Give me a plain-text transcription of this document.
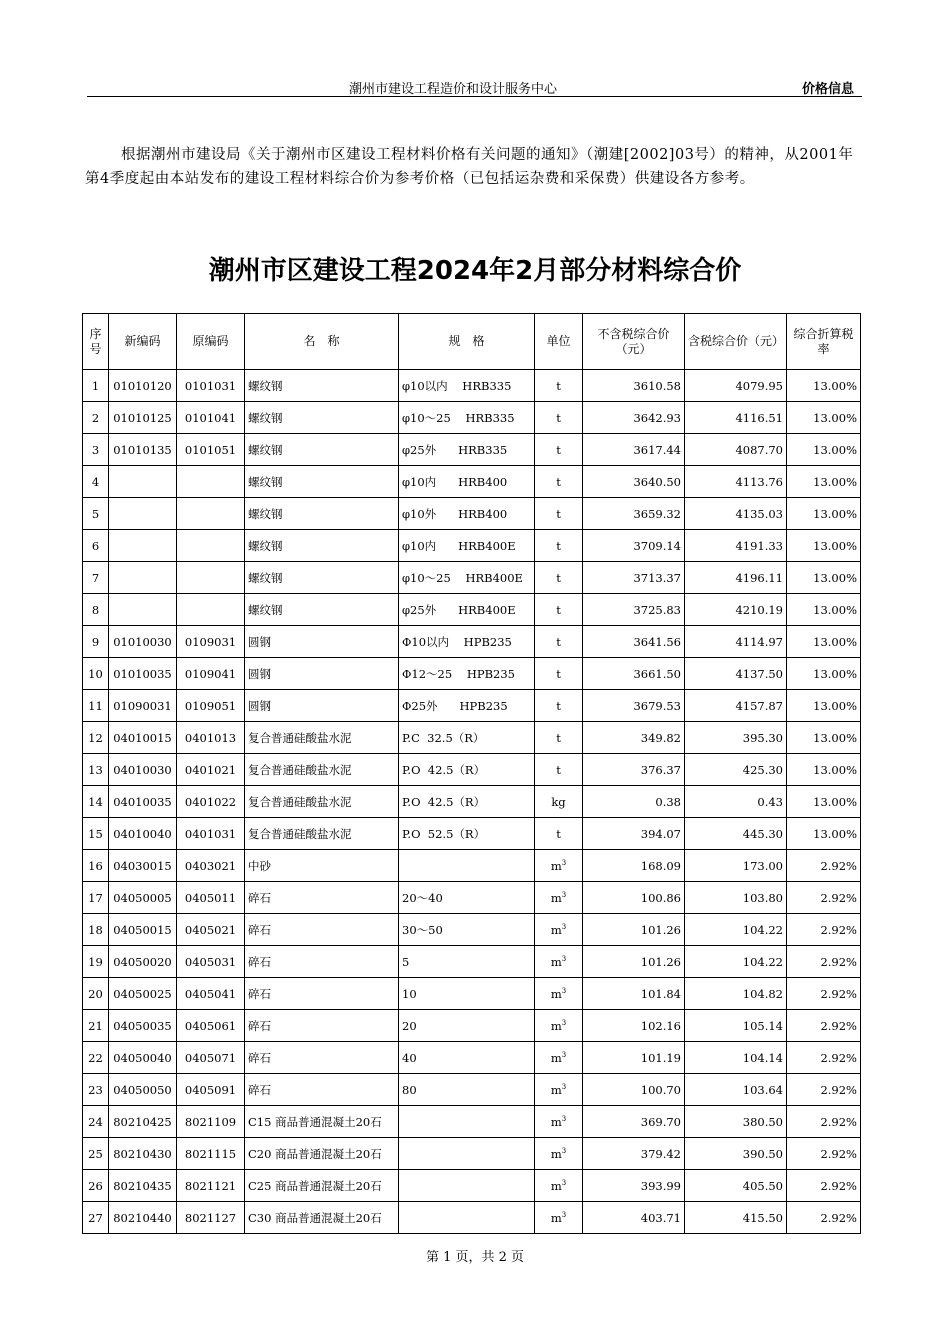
潮州市建设工程造价和设计服务中心	价格信息
根据潮州市建设局《关于潮州市区建设工程材料价格有关问题的通知》（潮建[2002]03号）的精神，从2001年第4季度起由本站发布的建设工程材料综合价为参考价格（已包括运杂费和采保费）供建设各方参考。
潮州市区建设工程2024年2月部分材料综合价
序号	新编码	原编码	名　称	规　格	单位	不含税综合价（元）	含税综合价（元）	综合折算税率
1	01010120	0101031	螺纹钢	φ10以内    HRB335	t	3610.58	4079.95	13.00%
2	01010125	0101041	螺纹钢	φ10～25    HRB335	t	3642.93	4116.51	13.00%
3	01010135	0101051	螺纹钢	φ25外      HRB335	t	3617.44	4087.70	13.00%
4			螺纹钢	φ10内      HRB400	t	3640.50	4113.76	13.00%
5			螺纹钢	φ10外      HRB400	t	3659.32	4135.03	13.00%
6			螺纹钢	φ10内      HRB400E	t	3709.14	4191.33	13.00%
7			螺纹钢	φ10～25    HRB400E	t	3713.37	4196.11	13.00%
8			螺纹钢	φ25外      HRB400E	t	3725.83	4210.19	13.00%
9	01010030	0109031	圆钢	Φ10以内    HPB235	t	3641.56	4114.97	13.00%
10	01010035	0109041	圆钢	Φ12～25    HPB235	t	3661.50	4137.50	13.00%
11	01090031	0109051	圆钢	Φ25外      HPB235	t	3679.53	4157.87	13.00%
12	04010015	0401013	复合普通硅酸盐水泥	P.C  32.5（R）	t	349.82	395.30	13.00%
13	04010030	0401021	复合普通硅酸盐水泥	P.O  42.5（R）	t	376.37	425.30	13.00%
14	04010035	0401022	复合普通硅酸盐水泥	P.O  42.5（R）	kg	0.38	0.43	13.00%
15	04010040	0401031	复合普通硅酸盐水泥	P.O  52.5（R）	t	394.07	445.30	13.00%
16	04030015	0403021	中砂		$m^3$	168.09	173.00	2.92%
17	04050005	0405011	碎石	20～40	$m^3$	100.86	103.80	2.92%
18	04050015	0405021	碎石	30～50	$m^3$	101.26	104.22	2.92%
19	04050020	0405031	碎石	5	$m^3$	101.26	104.22	2.92%
20	04050025	0405041	碎石	10	$m^3$	101.84	104.82	2.92%
21	04050035	0405061	碎石	20	$m^3$	102.16	105.14	2.92%
22	04050040	0405071	碎石	40	$m^3$	101.19	104.14	2.92%
23	04050050	0405091	碎石	80	$m^3$	100.70	103.64	2.92%
24	80210425	8021109	C15 商品普通混凝土20石		$m^3$	369.70	380.50	2.92%
25	80210430	8021115	C20 商品普通混凝土20石		$m^3$	379.42	390.50	2.92%
26	80210435	8021121	C25 商品普通混凝土20石		$m^3$	393.99	405.50	2.92%
27	80210440	8021127	C30 商品普通混凝土20石		$m^3$	403.71	415.50	2.92%
第 1 页，共 2 页
